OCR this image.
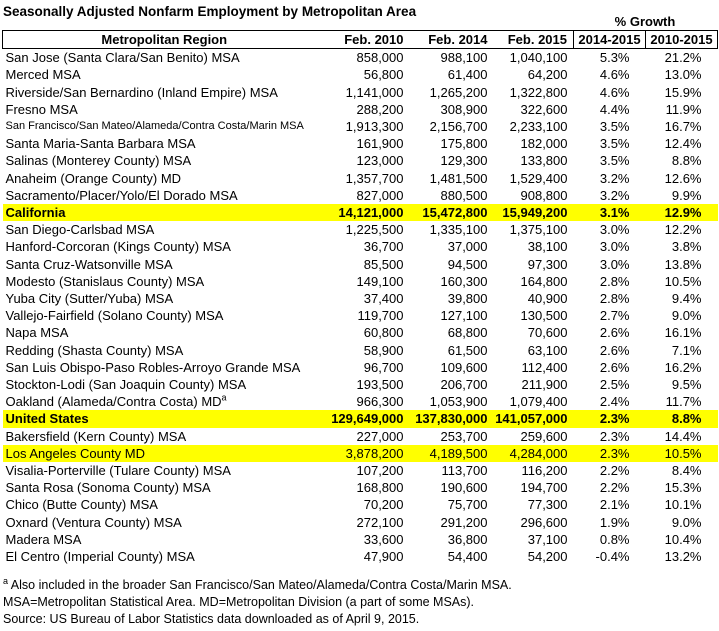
Seasonally Adjusted Nonfarm Employment by Metropolitan Area
% Growth
Metropolitan Region	Feb. 2010	Feb. 2014	Feb. 2015	2014-2015	2010-2015
San Jose (Santa Clara/San Benito) MSA	858,000	988,100	1,040,100	5.3%	21.2%
Merced MSA	56,800	61,400	64,200	4.6%	13.0%
Riverside/San Bernardino (Inland Empire) MSA	1,141,000	1,265,200	1,322,800	4.6%	15.9%
Fresno MSA	288,200	308,900	322,600	4.4%	11.9%
San Francisco/San Mateo/Alameda/Contra Costa/Marin MSA	1,913,300	2,156,700	2,233,100	3.5%	16.7%
Santa Maria-Santa Barbara MSA	161,900	175,800	182,000	3.5%	12.4%
Salinas (Monterey County) MSA	123,000	129,300	133,800	3.5%	8.8%
Anaheim (Orange County) MD	1,357,700	1,481,500	1,529,400	3.2%	12.6%
Sacramento/Placer/Yolo/El Dorado MSA	827,000	880,500	908,800	3.2%	9.9%
California	14,121,000	15,472,800	15,949,200	3.1%	12.9%
San Diego-Carlsbad MSA	1,225,500	1,335,100	1,375,100	3.0%	12.2%
Hanford-Corcoran (Kings County) MSA	36,700	37,000	38,100	3.0%	3.8%
Santa Cruz-Watsonville MSA	85,500	94,500	97,300	3.0%	13.8%
Modesto (Stanislaus County) MSA	149,100	160,300	164,800	2.8%	10.5%
Yuba City (Sutter/Yuba) MSA	37,400	39,800	40,900	2.8%	9.4%
Vallejo-Fairfield (Solano County) MSA	119,700	127,100	130,500	2.7%	9.0%
Napa MSA	60,800	68,800	70,600	2.6%	16.1%
Redding (Shasta County) MSA	58,900	61,500	63,100	2.6%	7.1%
San Luis Obispo-Paso Robles-Arroyo Grande MSA	96,700	109,600	112,400	2.6%	16.2%
Stockton-Lodi (San Joaquin County) MSA	193,500	206,700	211,900	2.5%	9.5%
Oakland (Alameda/Contra Costa) $MD^a$	966,300	1,053,900	1,079,400	2.4%	11.7%
United States	129,649,000	137,830,000	141,057,000	2.3%	8.8%
Bakersfield (Kern County) MSA	227,000	253,700	259,600	2.3%	14.4%
Los Angeles County MD	3,878,200	4,189,500	4,284,000	2.3%	10.5%
Visalia-Porterville (Tulare County) MSA	107,200	113,700	116,200	2.2%	8.4%
Santa Rosa (Sonoma County) MSA	168,800	190,600	194,700	2.2%	15.3%
Chico (Butte County) MSA	70,200	75,700	77,300	2.1%	10.1%
Oxnard (Ventura County) MSA	272,100	291,200	296,600	1.9%	9.0%
Madera MSA	33,600	36,800	37,100	0.8%	10.4%
El Centro (Imperial County) MSA	47,900	54,400	54,200	-0.4%	13.2%
$^a$ Also included in the broader San Francisco/San Mateo/Alameda/Contra Costa/Marin MSA.
MSA=Metropolitan Statistical Area. MD=Metropolitan Division (a part of some MSAs).
Source: US Bureau of Labor Statistics data downloaded as of April 9, 2015.
